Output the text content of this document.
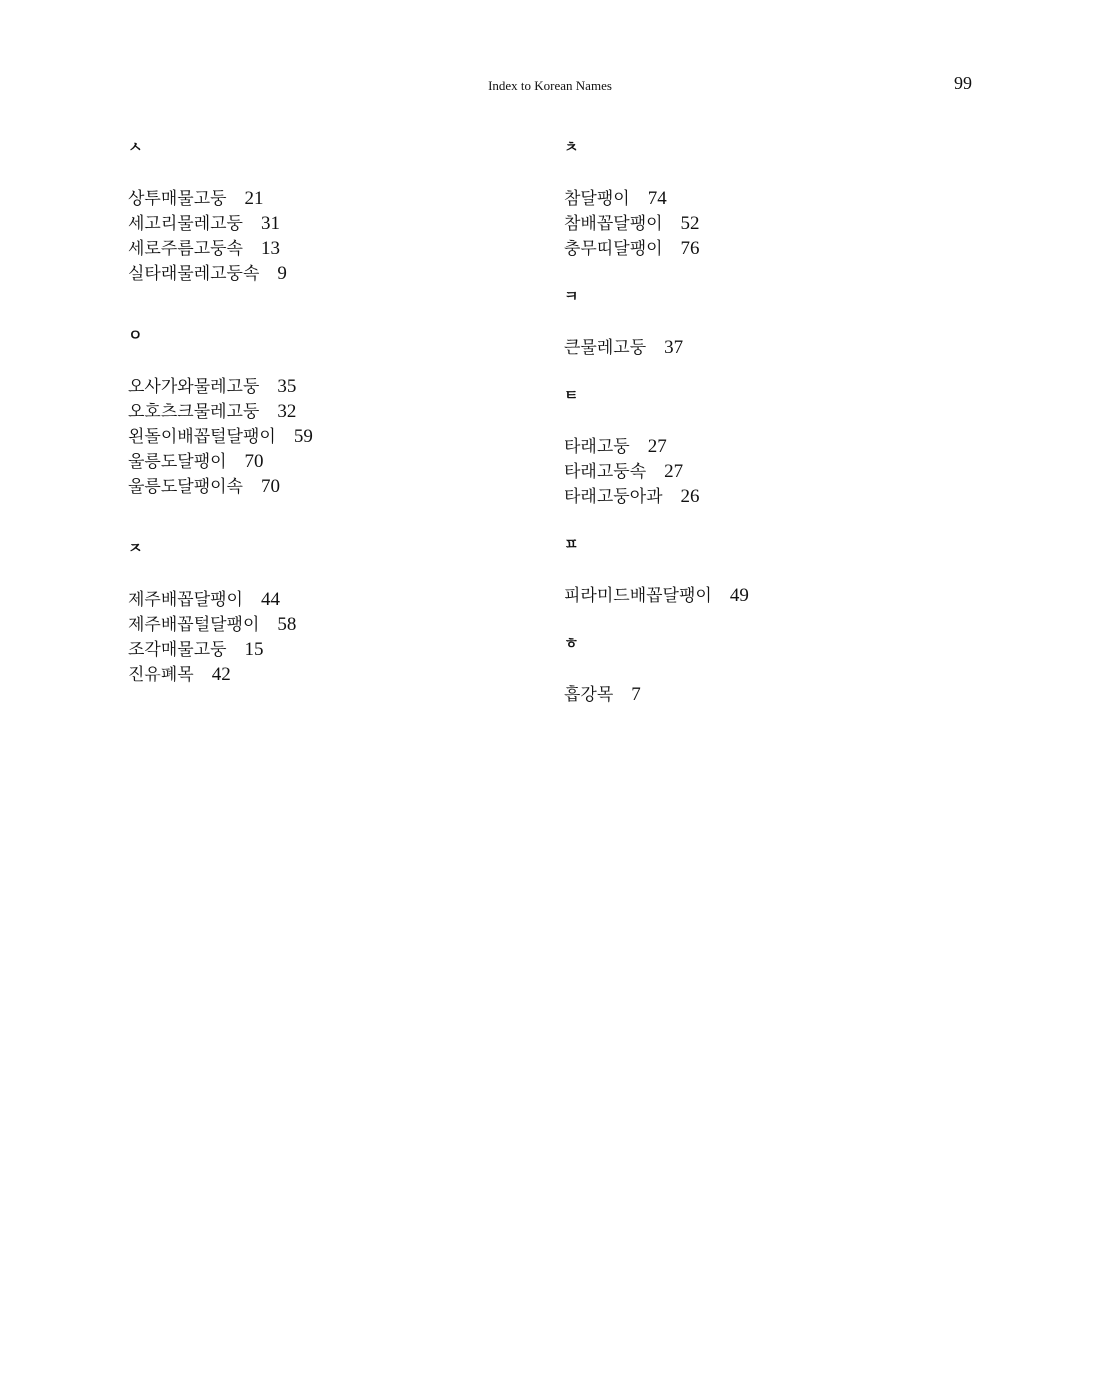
Index to Korean Names	99
ㅅ
상투매물고둥 21
세고리물레고둥 31
세로주름고둥속 13
실타래물레고둥속 9
ㅇ
오사가와물레고둥 35
오호츠크물레고둥 32
왼돌이배꼽털달팽이 59
울릉도달팽이 70
울릉도달팽이속 70
ㅈ
제주배꼽달팽이 44
제주배꼽털달팽이 58
조각매물고둥 15
진유폐목 42
ㅊ
참달팽이 74
참배꼽달팽이 52
충무띠달팽이 76
ㅋ
큰물레고둥 37
ㅌ
타래고둥 27
타래고둥속 27
타래고둥아과 26
ㅍ
피라미드배꼽달팽이 49
ㅎ
흡강목 7
